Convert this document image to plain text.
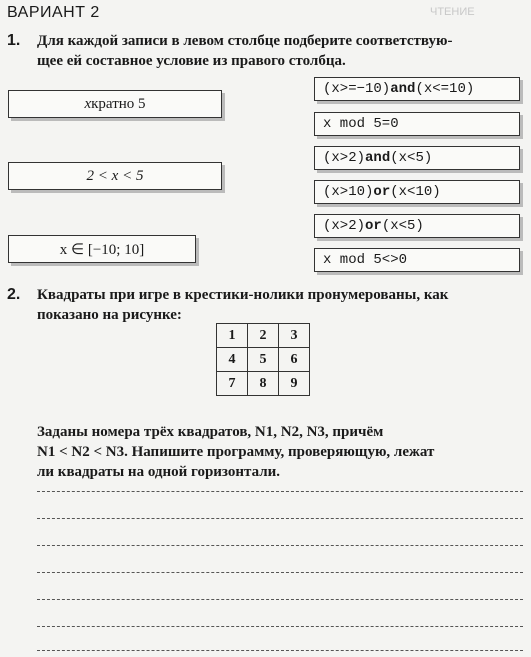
ЧТЕНИЕ
ВАРИАНТ 2
1. Для каждой записи в левом столбце подберите соответствую-
щее ей составное условие из правого столбца.
x кратно 5
2 < x < 5
x ∈ [−10; 10]
(x>=−10) and (x<=10)
x mod 5=0
(x>2) and (x<5)
(x>10) or (x<10)
(x>2) or (x<5)
x mod 5<>0
2. Квадраты при игре в крестики-нолики пронумерованы, как
показано на рисунке:
1	2	3
4	5	6
7	8	9
Заданы номера трёх квадратов, N1, N2, N3, причём
N1 < N2 < N3. Напишите программу, проверяющую, лежат
ли квадраты на одной горизонтали.
